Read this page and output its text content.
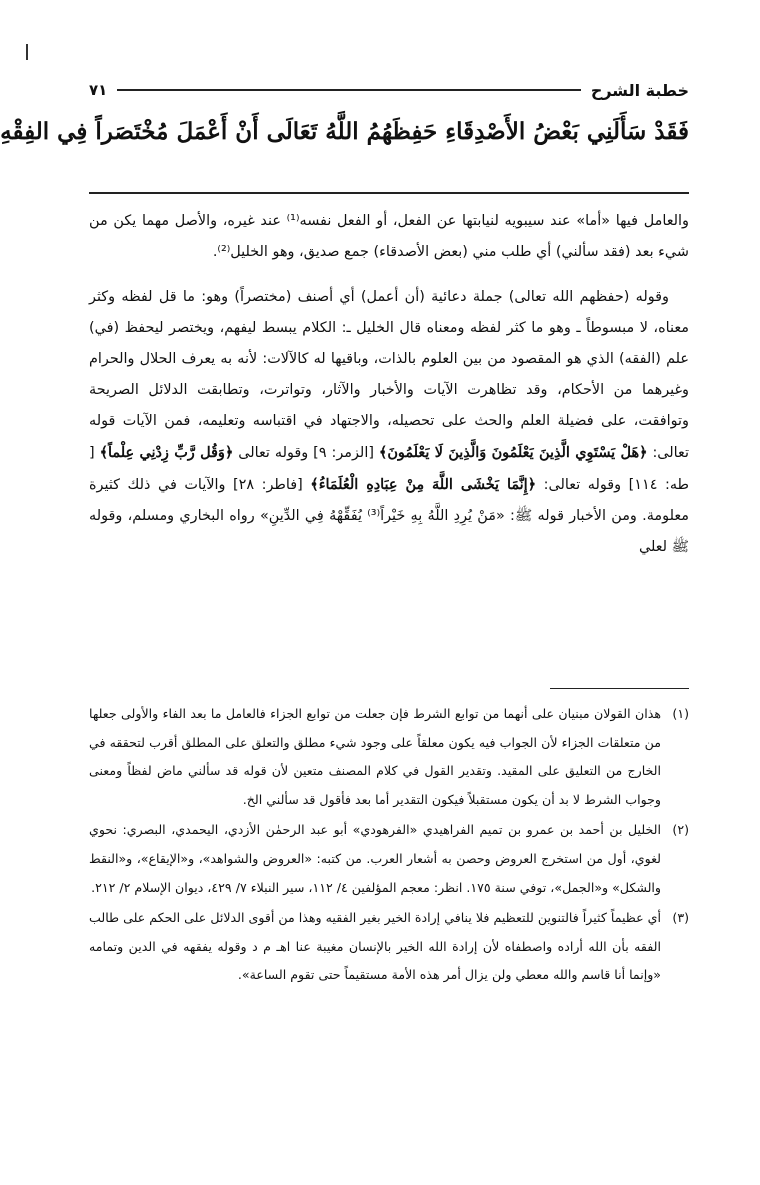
خطبة الشرح
٧١
فَقَدْ سَأَلَنِي بَعْضُ الأَصْدِقَاءِ حَفِظَهُمُ اللَّهُ تَعَالَى أَنْ أَعْمَلَ مُخْتَصَراً فِي الفِقْهِ

والعامل فيها «أما» عند سيبويه لنيابتها عن الفعل، أو الفعل نفسه⁽¹⁾ عند غيره، والأصل مهما يكن من شيء بعد (فقد سألني) أي طلب مني (بعض الأصدقاء) جمع صديق، وهو الخليل⁽²⁾.

وقوله (حفظهم الله تعالى) جملة دعائية (أن أعمل) أي أصنف (مختصراً) وهو: ما قل لفظه وكثر معناه، لا مبسوطاً ـ وهو ما كثر لفظه ومعناه قال الخليل ـ: الكلام يبسط ليفهم، ويختصر ليحفظ (في) علم (الفقه) الذي هو المقصود من بين العلوم بالذات، وباقيها له كالآلات: لأنه به يعرف الحلال والحرام وغيرهما من الأحكام، وقد تظاهرت الآيات والأخبار والآثار، وتواترت، وتطابقت الدلائل الصريحة وتوافقت، على فضيلة العلم والحث على تحصيله، والاجتهاد في اقتباسه وتعليمه، فمن الآيات قوله تعالى: ﴿هَلْ يَسْتَوِي الَّذِينَ يَعْلَمُونَ وَالَّذِينَ لَا يَعْلَمُونَ﴾ [الزمر: ٩] وقوله تعالى ﴿وَقُل رَّبِّ زِدْنِي عِلْماً﴾ [ طه: ١١٤] وقوله تعالى: ﴿إِنَّمَا يَخْشَى اللَّهَ مِنْ عِبَادِهِ الْعُلَمَاءُ﴾ [فاطر: ٢٨] والآيات في ذلك كثيرة معلومة. ومن الأخبار قوله ﷺ: «مَنْ يُرِدِ اللَّهُ بِهِ خَيْراً⁽³⁾ يُفَقِّهْهُ فِي الدِّينِ» رواه البخاري ومسلم، وقوله ﷺ لعلي

(١)
هذان القولان مبنيان على أنهما من توابع الشرط فإن جعلت من توابع الجزاء فالعامل ما بعد الفاء والأولى جعلها من متعلقات الجزاء لأن الجواب فيه يكون معلقاً على وجود شيء مطلق والتعلق على المطلق أقرب لتحققه في الخارج من التعليق على المقيد. وتقدير القول في كلام المصنف متعين لأن قوله قد سألني ماض لفظاً ومعنى وجواب الشرط لا بد أن يكون مستقبلاً فيكون التقدير أما بعد فأقول قد سألني الخ.
(٢)
الخليل بن أحمد بن عمرو بن تميم الفراهيدي «الفرهودي» أبو عبد الرحمٰن الأزدي، اليحمدي، البصري: نحوي لغوي، أول من استخرج العروض وحصن به أشعار العرب. من كتبه: «العروض والشواهد»، و«الإيقاع»، و«النقط والشكل» و«الجمل»، توفي سنة ١٧٥. انظر: معجم المؤلفين ٤/ ١١٢، سير النبلاء ٧/ ٤٢٩، ديوان الإسلام ٢/ ٢١٢.
(٣)
أي عظيماً كثيراً فالتنوين للتعظيم فلا ينافي إرادة الخير بغير الفقيه وهذا من أقوى الدلائل على الحكم على طالب الفقه بأن الله أراده واصطفاه لأن إرادة الله الخير بالإنسان مغيبة عنا اهـ م د وقوله يفقهه في الدين وتمامه «وإنما أنا قاسم والله معطي ولن يزال أمر هذه الأمة مستقيماً حتى تقوم الساعة».
